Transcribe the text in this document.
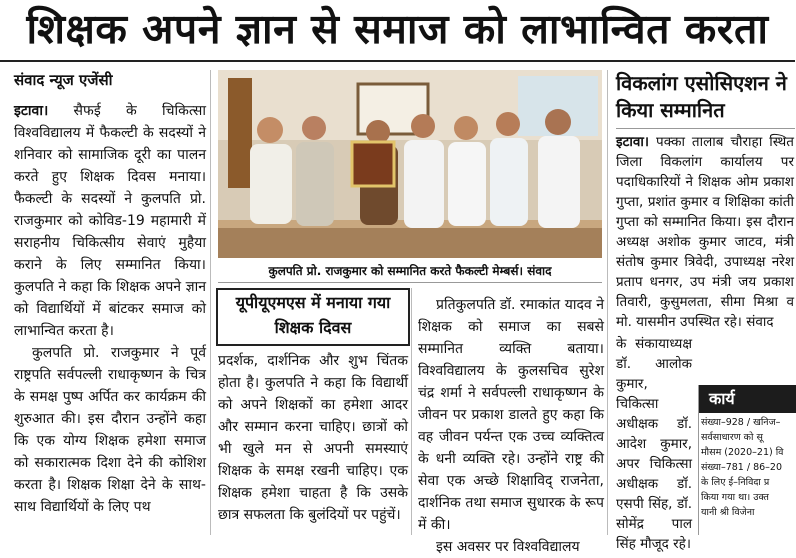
शिक्षक अपने ज्ञान से समाज को लाभान्वित करता
संवाद न्यूज एजेंसी

इटावा। सैफई के चिकित्सा विश्वविद्यालय में फैकल्टी के सदस्यों ने शनिवार को सामाजिक दूरी का पालन करते हुए शिक्षक दिवस मनाया। फैकल्टी के सदस्यों ने कुलपति प्रो. राजकुमार को कोविड-19 महामारी में सराहनीय चिकित्सीय सेवाएं मुहैया कराने के लिए सम्मानित किया। कुलपति ने कहा कि शिक्षक अपने ज्ञान को विद्यार्थियों में बांटकर समाज को लाभान्वित करता है।

कुलपति प्रो. राजकुमार ने पूर्व राष्ट्रपति सर्वपल्ली राधाकृष्णन के चित्र के समक्ष पुष्प अर्पित कर कार्यक्रम की शुरुआत की। इस दौरान उन्होंने कहा कि एक योग्य शिक्षक हमेशा समाज को सकारात्मक दिशा देने की कोशिश करता है। शिक्षक शिक्षा देने के साथ-साथ विद्यार्थियों के लिए पथ

कुलपति प्रो. राजकुमार को सम्मानित करते फैकल्टी मेम्बर्स। संवाद
यूपीयूएमएस में मनाया गया
शिक्षक दिवस
प्रदर्शक, दार्शनिक और शुभ चिंतक होता है। कुलपति ने कहा कि विद्यार्थी को अपने शिक्षकों का हमेशा आदर और सम्मान करना चाहिए। छात्रों को भी खुले मन से अपनी समस्याएं शिक्षक के समक्ष रखनी चाहिए। एक शिक्षक हमेशा चाहता है कि उसके छात्र सफलता कि बुलंदियों पर पहुंचें।

प्रतिकुलपति डॉ. रमाकांत यादव ने शिक्षक को समाज का सबसे सम्मानित व्यक्ति बताया। विश्वविद्यालय के कुलसचिव सुरेश चंद्र शर्मा ने सर्वपल्ली राधाकृष्णन के जीवन पर प्रकाश डालते हुए कहा कि वह जीवन पर्यन्त एक उच्च व्यक्तित्व के धनी व्यक्ति रहे। उन्होंने राष्ट्र की सेवा एक अच्छे शिक्षाविद् राजनेता, दार्शनिक तथा समाज सुधारक के रूप में की।

इस अवसर पर विश्वविद्यालय

विकलांग एसोसिएशन ने किया सम्मानित

इटावा। पक्का तालाब चौराहा स्थित जिला विकलांग कार्यालय पर पदाधिकारियों ने शिक्षक ओम प्रकाश गुप्ता, प्रशांत कुमार व शिक्षिका कांती गुप्ता को सम्मानित किया। इस दौरान अध्यक्ष अशोक कुमार जाटव, मंत्री संतोष कुमार त्रिवेदी, उपाध्यक्ष नरेश प्रताप धनगर, उप मंत्री जय प्रकाश तिवारी, कुसुमलता, सीमा मिश्रा व मो. यासमीन उपस्थित रहे। संवाद

के संकायाध्यक्ष डॉ. आलोक कुमार, चिकित्सा अधीक्षक डॉ. आदेश कुमार, अपर चिकित्सा अधीक्षक डॉ. एसपी सिंह, डॉ. सोमेंद्र पाल सिंह मौजूद रहे।
कार्य
संख्या–928 / खनिज–
सर्वसाधारण को सू
मौसम (2020–21) वि
संख्या–781 / 86–20
के लिए ई–निविदा प्र
किया गया था। उक्त
यानी श्री विजेना
